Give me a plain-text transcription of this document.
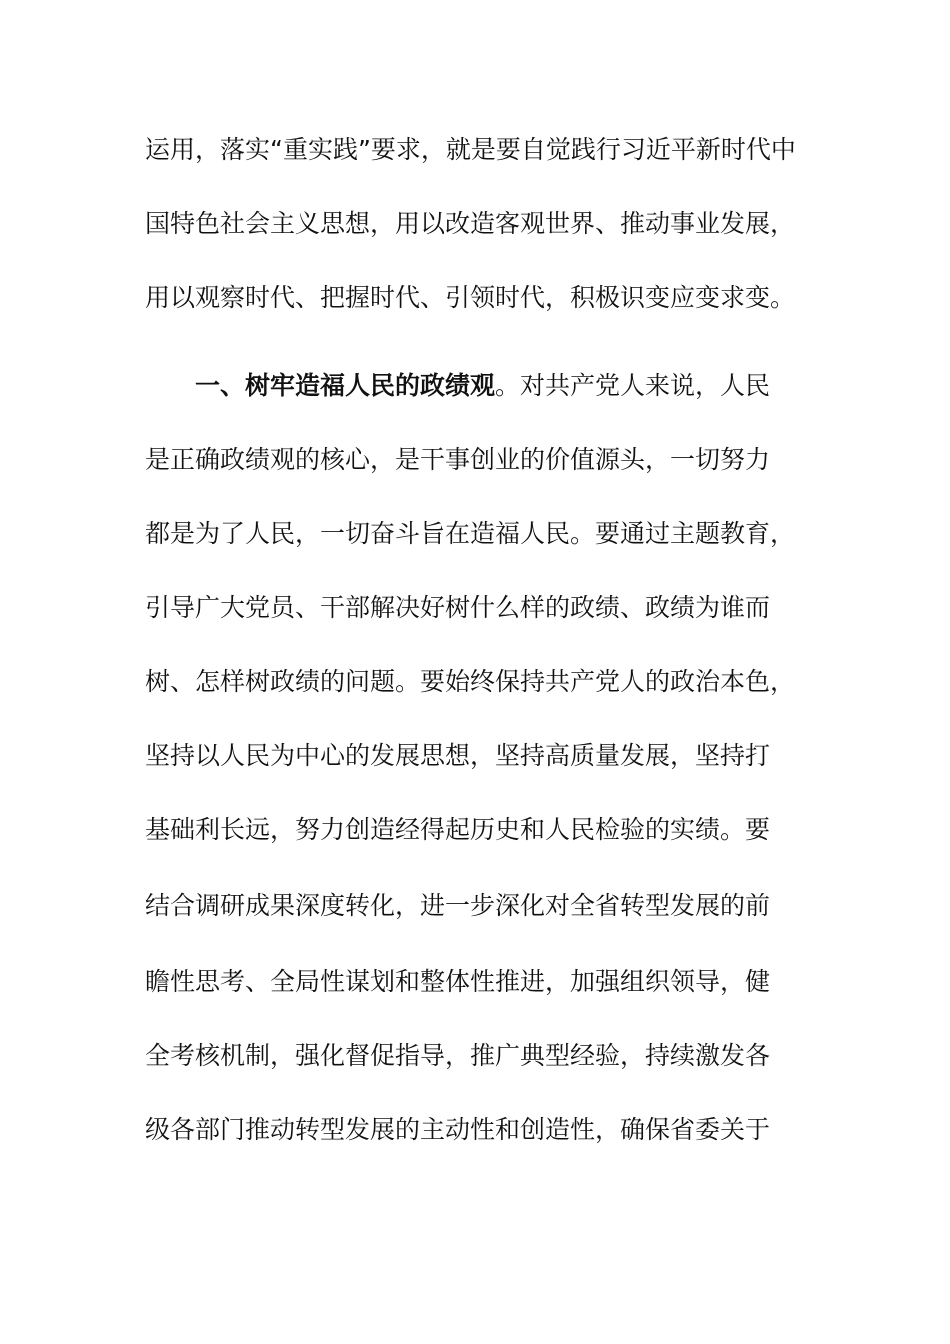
运用，落实“重实践”要求，就是要自觉践行习近平新时代中
国特色社会主义思想，用以改造客观世界、推动事业发展，
用以观察时代、把握时代、引领时代，积极识变应变求变。
一、树牢造福人民的政绩观。对共产党人来说，人民
是正确政绩观的核心，是干事创业的价值源头，一切努力
都是为了人民，一切奋斗旨在造福人民。要通过主题教育，
引导广大党员、干部解决好树什么样的政绩、政绩为谁而
树、怎样树政绩的问题。要始终保持共产党人的政治本色，
坚持以人民为中心的发展思想，坚持高质量发展，坚持打
基础利长远，努力创造经得起历史和人民检验的实绩。要
结合调研成果深度转化，进一步深化对全省转型发展的前
瞻性思考、全局性谋划和整体性推进，加强组织领导，健
全考核机制，强化督促指导，推广典型经验，持续激发各
级各部门推动转型发展的主动性和创造性，确保省委关于
